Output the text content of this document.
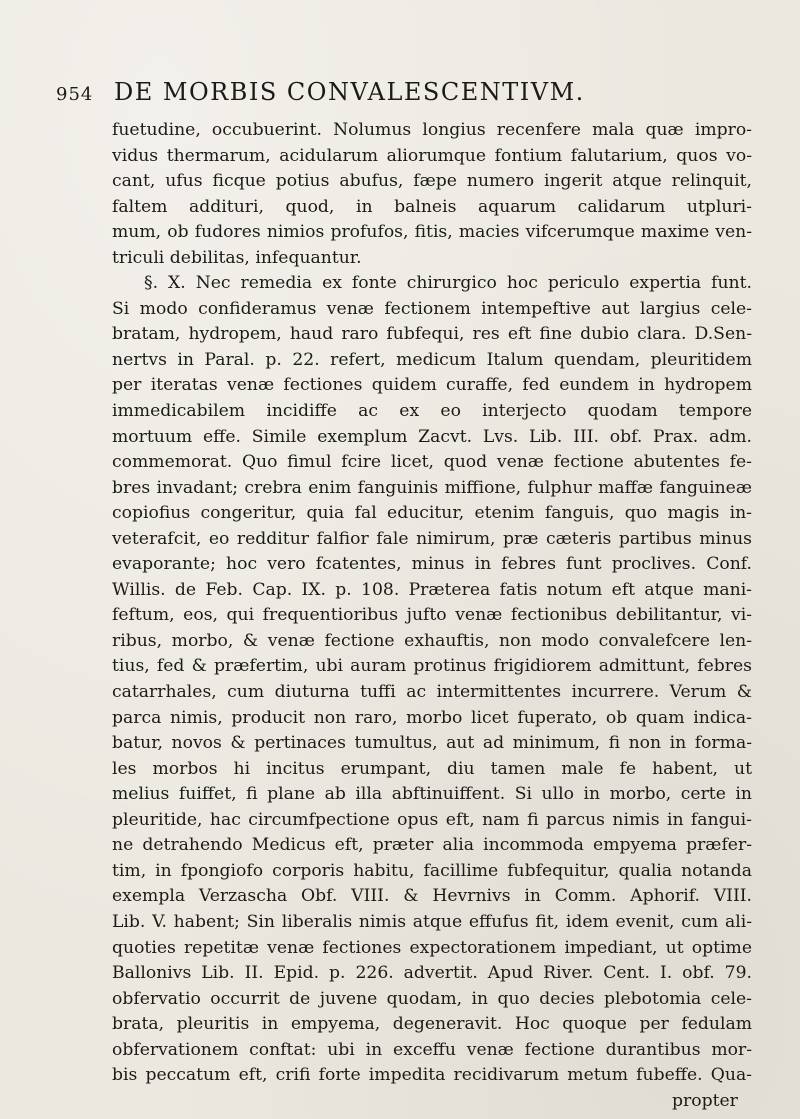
954 DE MORBIS CONVALESCENTIVM.
fuetudine, occubuerint. Nolumus longius recenfere mala quæ impro-
vidus thermarum, acidularum aliorumque fontium falutarium, quos vo-
cant, ufus ficque potius abufus, fæpe numero ingerit atque relinquit,
faltem addituri, quod, in balneis aquarum calidarum utpluri-
mum, ob fudores nimios profufos, fitis, macies vifcerumque maxime ven-
triculi debilitas, infequantur.
§. X. Nec remedia ex fonte chirurgico hoc periculo expertia funt.
Si modo confideramus venæ fectionem intempeftive aut largius cele-
bratam, hydropem, haud raro fubfequi, res eft fine dubio clara. D.Sen-
nertvs in Paral. p. 22. refert, medicum Italum quendam, pleuritidem
per iteratas venæ fectiones quidem curaffe, fed eundem in hydropem
immedicabilem incidiffe ac ex eo interjecto quodam tempore
mortuum effe. Simile exemplum Zacvt. Lvs. Lib. III. obf. Prax. adm.
commemorat. Quo fimul fcire licet, quod venæ fectione abutentes fe-
bres invadant; crebra enim fanguinis miffione, fulphur maffæ fanguineæ
copiofius congeritur, quia fal educitur, etenim fanguis, quo magis in-
veterafcit, eo redditur falfior fale nimirum, præ cæteris partibus minus
evaporante; hoc vero fcatentes, minus in febres funt proclives. Conf.
Willis. de Feb. Cap. IX. p. 108. Præterea fatis notum eft atque mani-
feftum, eos, qui frequentioribus jufto venæ fectionibus debilitantur, vi-
ribus, morbo, & venæ fectione exhauftis, non modo convalefcere len-
tius, fed & præfertim, ubi auram protinus frigidiorem admittunt, febres
catarrhales, cum diuturna tuffi ac intermittentes incurrere. Verum &
parca nimis, producit non raro, morbo licet fuperato, ob quam indica-
batur, novos & pertinaces tumultus, aut ad minimum, fi non in forma-
les morbos hi incitus erumpant, diu tamen male fe habent, ut
melius fuiffet, fi plane ab illa abftinuiffent. Si ullo in morbo, certe in
pleuritide, hac circumfpectione opus eft, nam fi parcus nimis in fangui-
ne detrahendo Medicus eft, præter alia incommoda empyema præfer-
tim, in fpongiofo corporis habitu, facillime fubfequitur, qualia notanda
exempla Verzascha Obf. VIII. & Hevrnivs in Comm. Aphorif. VIII.
Lib. V. habent; Sin liberalis nimis atque effufus fit, idem evenit, cum ali-
quoties repetitæ venæ fectiones expectorationem impediant, ut optime
Ballonivs Lib. II. Epid. p. 226. advertit. Apud River. Cent. I. obf. 79.
obfervatio occurrit de juvene quodam, in quo decies plebotomia cele-
brata, pleuritis in empyema, degeneravit. Hoc quoque per fedulam
obfervationem conftat: ubi in exceffu venæ fectione durantibus mor-
bis peccatum eft, crifi forte impedita recidivarum metum fubeffe. Qua-
propter
